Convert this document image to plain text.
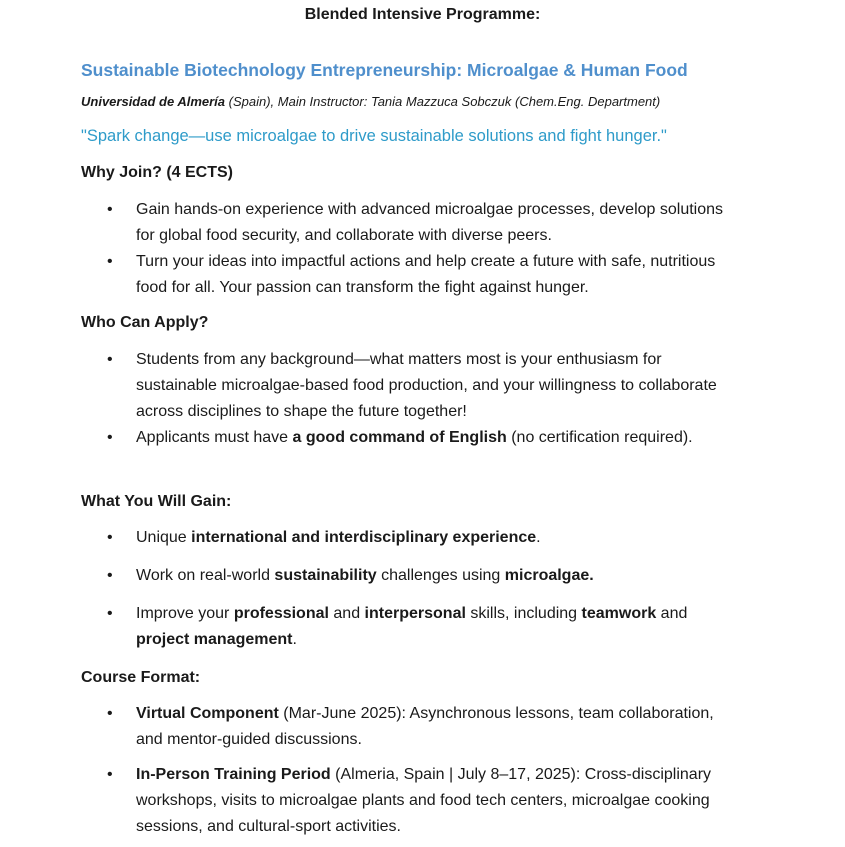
Blended Intensive Programme:
Sustainable Biotechnology Entrepreneurship: Microalgae & Human Food
Universidad de Almería (Spain), Main Instructor: Tania Mazzuca Sobczuk (Chem.Eng. Department)
"Spark change—use microalgae to drive sustainable solutions and fight hunger."
Why Join? (4 ECTS)
• Gain hands-on experience with advanced microalgae processes, develop solutions for global food security, and collaborate with diverse peers.
• Turn your ideas into impactful actions and help create a future with safe, nutritious food for all. Your passion can transform the fight against hunger.
Who Can Apply?
• Students from any background—what matters most is your enthusiasm for sustainable microalgae-based food production, and your willingness to collaborate across disciplines to shape the future together!
• Applicants must have a good command of English (no certification required).
What You Will Gain:
• Unique international and interdisciplinary experience.
• Work on real-world sustainability challenges using microalgae.
• Improve your professional and interpersonal skills, including teamwork and project management.
Course Format:
• Virtual Component (Mar-June 2025): Asynchronous lessons, team collaboration, and mentor-guided discussions.
• In-Person Training Period (Almeria, Spain | July 8–17, 2025): Cross-disciplinary workshops, visits to microalgae plants and food tech centers, microalgae cooking sessions, and cultural-sport activities.
